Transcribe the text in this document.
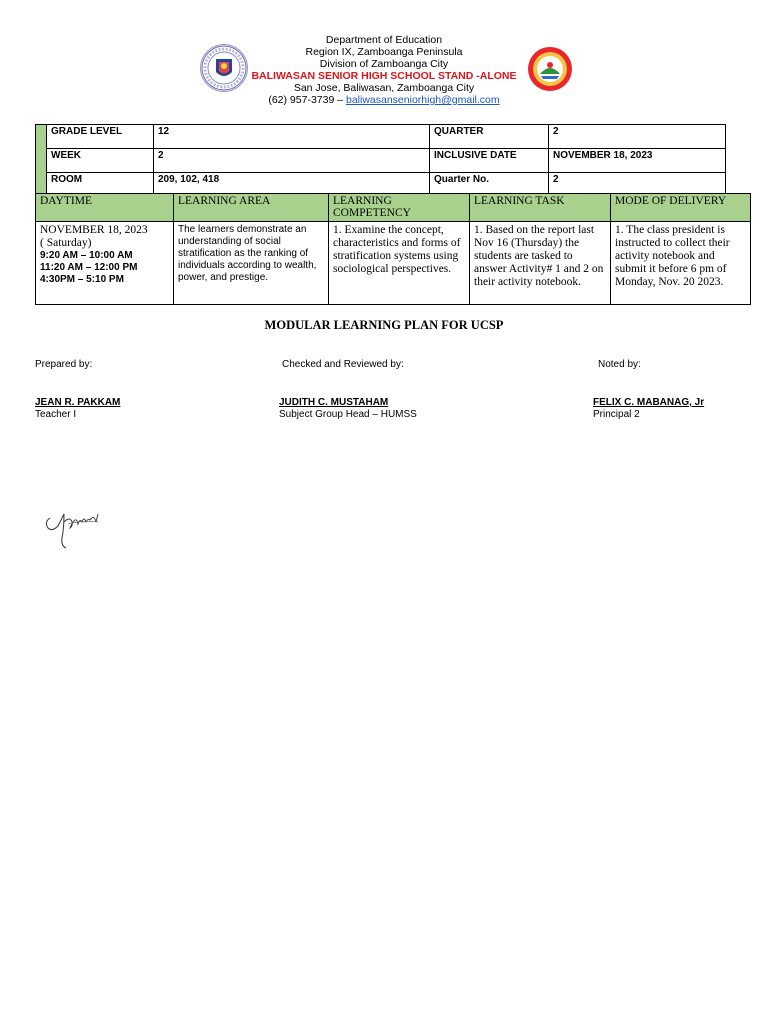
Department of Education
Region IX, Zamboanga Peninsula
Division of Zamboanga City
BALIWASAN SENIOR HIGH SCHOOL STAND -ALONE
San Jose, Baliwasan, Zamboanga City
(62) 957-3739 – baliwasanseniorhigh@gmail.com
	GRADE LEVEL	12	QUARTER	2
	WEEK	2	INCLUSIVE DATE	NOVEMBER 18, 2023
	ROOM	209, 102, 418	Quarter No.	2
DAYTIME	LEARNING AREA	LEARNING COMPETENCY	LEARNING TASK	MODE OF DELIVERY

NOVEMBER 18, 2023
( Saturday)
9:20 AM – 10:00 AM
11:20 AM – 12:00 PM
4:30PM – 5:10 PM	The learners demonstrate an understanding of social stratification as the ranking of individuals according to wealth, power, and prestige.	1. Examine the concept, characteristics and forms of stratification systems using sociological perspectives.	1. Based on the report last Nov 16 (Thursday) the students are tasked to answer Activity# 1 and 2 on their activity notebook.	1. The class president is instructed to collect their activity notebook and submit it before 6 pm of Monday, Nov. 20 2023.
MODULAR LEARNING PLAN FOR UCSP
Prepared by:
JEAN R. PAKKAM
Teacher I
Checked and Reviewed by:
JUDITH C. MUSTAHAM
Subject Group Head – HUMSS
Noted by:
FELIX C. MABANAG, Jr
Principal 2
